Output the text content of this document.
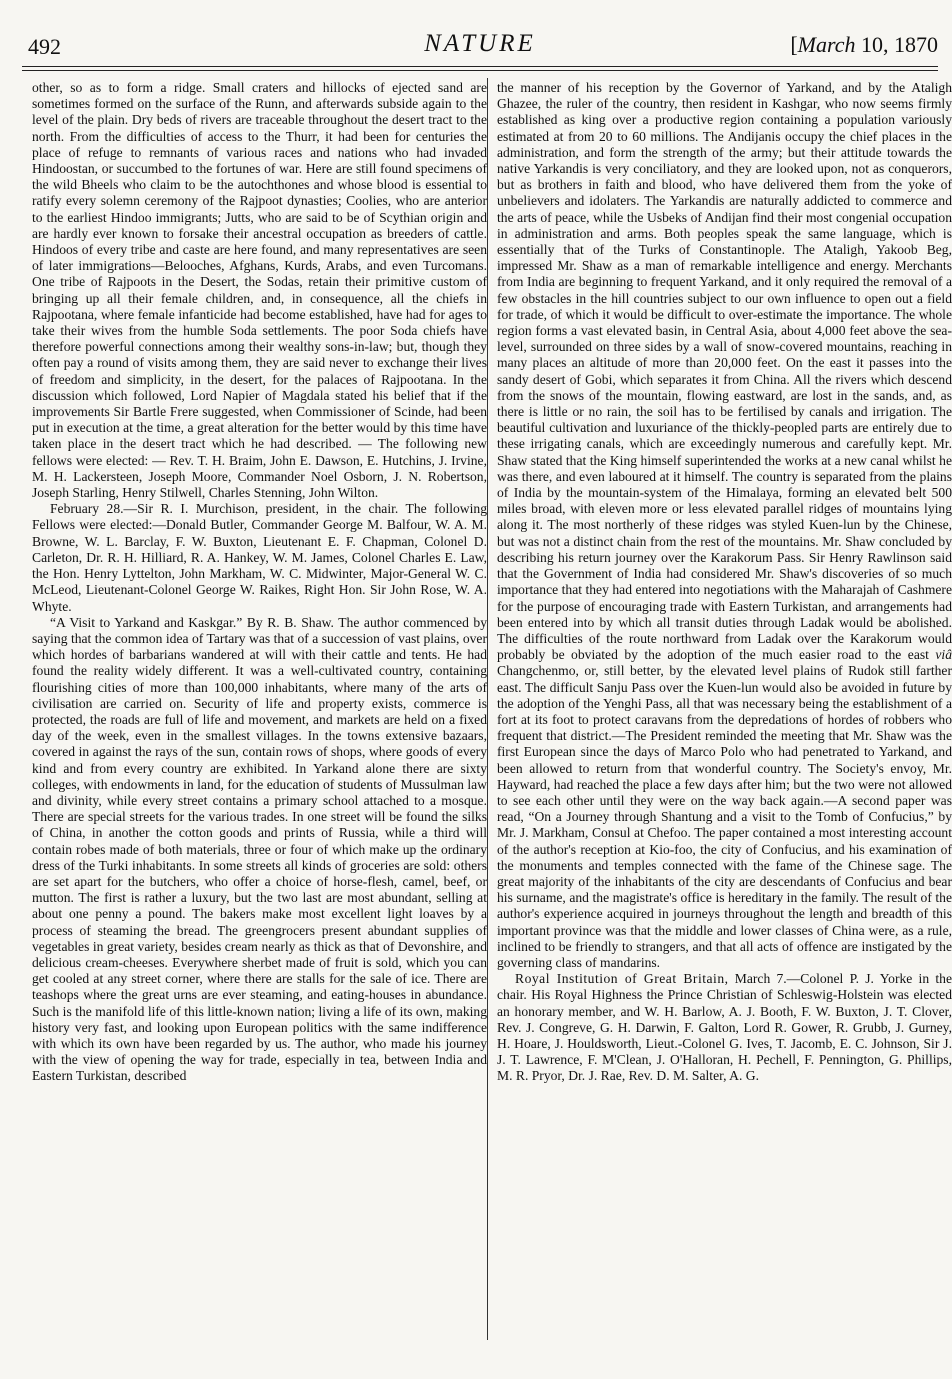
492	NATURE	[March 10, 1870

other, so as to form a ridge. Small craters and hillocks of ejected sand are sometimes formed on the surface of the Runn, and afterwards subside again to the level of the plain. Dry beds of rivers are traceable throughout the desert tract to the north. From the difficulties of access to the Thurr, it had been for centuries the place of refuge to remnants of various races and nations who had invaded Hindoostan, or succumbed to the fortunes of war. Here are still found specimens of the wild Bheels who claim to be the autochthones and whose blood is essential to ratify every solemn ceremony of the Rajpoot dynasties; Coolies, who are anterior to the earliest Hindoo immigrants; Jutts, who are said to be of Scythian origin and are hardly ever known to forsake their ancestral occupation as breeders of cattle. Hindoos of every tribe and caste are here found, and many representatives are seen of later immigrations—Belooches, Afghans, Kurds, Arabs, and even Turcomans. One tribe of Rajpoots in the Desert, the Sodas, retain their primitive custom of bringing up all their female children, and, in consequence, all the chiefs in Rajpootana, where female infanticide had become established, have had for ages to take their wives from the humble Soda settlements. The poor Soda chiefs have therefore powerful connections among their wealthy sons-in-law; but, though they often pay a round of visits among them, they are said never to exchange their lives of freedom and simplicity, in the desert, for the palaces of Rajpootana. In the discussion which followed, Lord Napier of Magdala stated his belief that if the improvements Sir Bartle Frere suggested, when Commissioner of Scinde, had been put in execution at the time, a great alteration for the better would by this time have taken place in the desert tract which he had described. — The following new fellows were elected: — Rev. T. H. Braim, John E. Dawson, E. Hutchins, J. Irvine, M. H. Lackersteen, Joseph Moore, Commander Noel Osborn, J. N. Robertson, Joseph Starling, Henry Stilwell, Charles Stenning, John Wilton.

February 28.—Sir R. I. Murchison, president, in the chair. The following Fellows were elected:—Donald Butler, Commander George M. Balfour, W. A. M. Browne, W. L. Barclay, F. W. Buxton, Lieutenant E. F. Chapman, Colonel D. Carleton, Dr. R. H. Hilliard, R. A. Hankey, W. M. James, Colonel Charles E. Law, the Hon. Henry Lyttelton, John Markham, W. C. Midwinter, Major-General W. C. McLeod, Lieutenant-Colonel George W. Raikes, Right Hon. Sir John Rose, W. A. Whyte.

“A Visit to Yarkand and Kaskgar.” By R. B. Shaw. The author commenced by saying that the common idea of Tartary was that of a succession of vast plains, over which hordes of barbarians wandered at will with their cattle and tents. He had found the reality widely different. It was a well-cultivated country, containing flourishing cities of more than 100,000 inhabitants, where many of the arts of civilisation are carried on. Security of life and property exists, commerce is protected, the roads are full of life and movement, and markets are held on a fixed day of the week, even in the smallest villages. In the towns extensive bazaars, covered in against the rays of the sun, contain rows of shops, where goods of every kind and from every country are exhibited. In Yarkand alone there are sixty colleges, with endowments in land, for the education of students of Mussulman law and divinity, while every street contains a primary school attached to a mosque. There are special streets for the various trades. In one street will be found the silks of China, in another the cotton goods and prints of Russia, while a third will contain robes made of both materials, three or four of which make up the ordinary dress of the Turki inhabitants. In some streets all kinds of groceries are sold: others are set apart for the butchers, who offer a choice of horse-flesh, camel, beef, or mutton. The first is rather a luxury, but the two last are most abundant, selling at about one penny a pound. The bakers make most excellent light loaves by a process of steaming the bread. The greengrocers present abundant supplies of vegetables in great variety, besides cream nearly as thick as that of Devonshire, and delicious cream-cheeses. Everywhere sherbet made of fruit is sold, which you can get cooled at any street corner, where there are stalls for the sale of ice. There are teashops where the great urns are ever steaming, and eating-houses in abundance. Such is the manifold life of this little-known nation; living a life of its own, making history very fast, and looking upon European politics with the same indifference with which its own have been regarded by us. The author, who made his journey with the view of opening the way for trade, especially in tea, between India and Eastern Turkistan, described

the manner of his reception by the Governor of Yarkand, and by the Ataligh Ghazee, the ruler of the country, then resident in Kashgar, who now seems firmly established as king over a productive region containing a population variously estimated at from 20 to 60 millions. The Andijanis occupy the chief places in the administration, and form the strength of the army; but their attitude towards the native Yarkandis is very conciliatory, and they are looked upon, not as conquerors, but as brothers in faith and blood, who have delivered them from the yoke of unbelievers and idolaters. The Yarkandis are naturally addicted to commerce and the arts of peace, while the Usbeks of Andijan find their most congenial occupation in administration and arms. Both peoples speak the same language, which is essentially that of the Turks of Constantinople. The Ataligh, Yakoob Beg, impressed Mr. Shaw as a man of remarkable intelligence and energy. Merchants from India are beginning to frequent Yarkand, and it only required the removal of a few obstacles in the hill countries subject to our own influence to open out a field for trade, of which it would be difficult to over-estimate the importance. The whole region forms a vast elevated basin, in Central Asia, about 4,000 feet above the sea-level, surrounded on three sides by a wall of snow-covered mountains, reaching in many places an altitude of more than 20,000 feet. On the east it passes into the sandy desert of Gobi, which separates it from China. All the rivers which descend from the snows of the mountain, flowing eastward, are lost in the sands, and, as there is little or no rain, the soil has to be fertilised by canals and irrigation. The beautiful cultivation and luxuriance of the thickly-peopled parts are entirely due to these irrigating canals, which are exceedingly numerous and carefully kept. Mr. Shaw stated that the King himself superintended the works at a new canal whilst he was there, and even laboured at it himself. The country is separated from the plains of India by the mountain-system of the Himalaya, forming an elevated belt 500 miles broad, with eleven more or less elevated parallel ridges of mountains lying along it. The most northerly of these ridges was styled Kuen-lun by the Chinese, but was not a distinct chain from the rest of the mountains. Mr. Shaw concluded by describing his return journey over the Karakorum Pass. Sir Henry Rawlinson said that the Government of India had considered Mr. Shaw's discoveries of so much importance that they had entered into negotiations with the Maharajah of Cashmere for the purpose of encouraging trade with Eastern Turkistan, and arrangements had been entered into by which all transit duties through Ladak would be abolished. The difficulties of the route northward from Ladak over the Karakorum would probably be obviated by the adoption of the much easier road to the east viâ Changchenmo, or, still better, by the elevated level plains of Rudok still farther east. The difficult Sanju Pass over the Kuen-lun would also be avoided in future by the adoption of the Yenghi Pass, all that was necessary being the establishment of a fort at its foot to protect caravans from the depredations of hordes of robbers who frequent that district.—The President reminded the meeting that Mr. Shaw was the first European since the days of Marco Polo who had penetrated to Yarkand, and been allowed to return from that wonderful country. The Society's envoy, Mr. Hayward, had reached the place a few days after him; but the two were not allowed to see each other until they were on the way back again.—A second paper was read, “On a Journey through Shantung and a visit to the Tomb of Confucius,” by Mr. J. Markham, Consul at Chefoo. The paper contained a most interesting account of the author's reception at Kio-foo, the city of Confucius, and his examination of the monuments and temples connected with the fame of the Chinese sage. The great majority of the inhabitants of the city are descendants of Confucius and bear his surname, and the magistrate's office is hereditary in the family. The result of the author's experience acquired in journeys throughout the length and breadth of this important province was that the middle and lower classes of China were, as a rule, inclined to be friendly to strangers, and that all acts of offence are instigated by the governing class of mandarins.

Royal Institution of Great Britain, March 7.—Colonel P. J. Yorke in the chair. His Royal Highness the Prince Christian of Schleswig-Holstein was elected an honorary member, and W. H. Barlow, A. J. Booth, F. W. Buxton, J. T. Clover, Rev. J. Congreve, G. H. Darwin, F. Galton, Lord R. Gower, R. Grubb, J. Gurney, H. Hoare, J. Houldsworth, Lieut.-Colonel G. Ives, T. Jacomb, E. C. Johnson, Sir J. J. T. Lawrence, F. M'Clean, J. O'Halloran, H. Pechell, F. Pennington, G. Phillips, M. R. Pryor, Dr. J. Rae, Rev. D. M. Salter, A. G.
